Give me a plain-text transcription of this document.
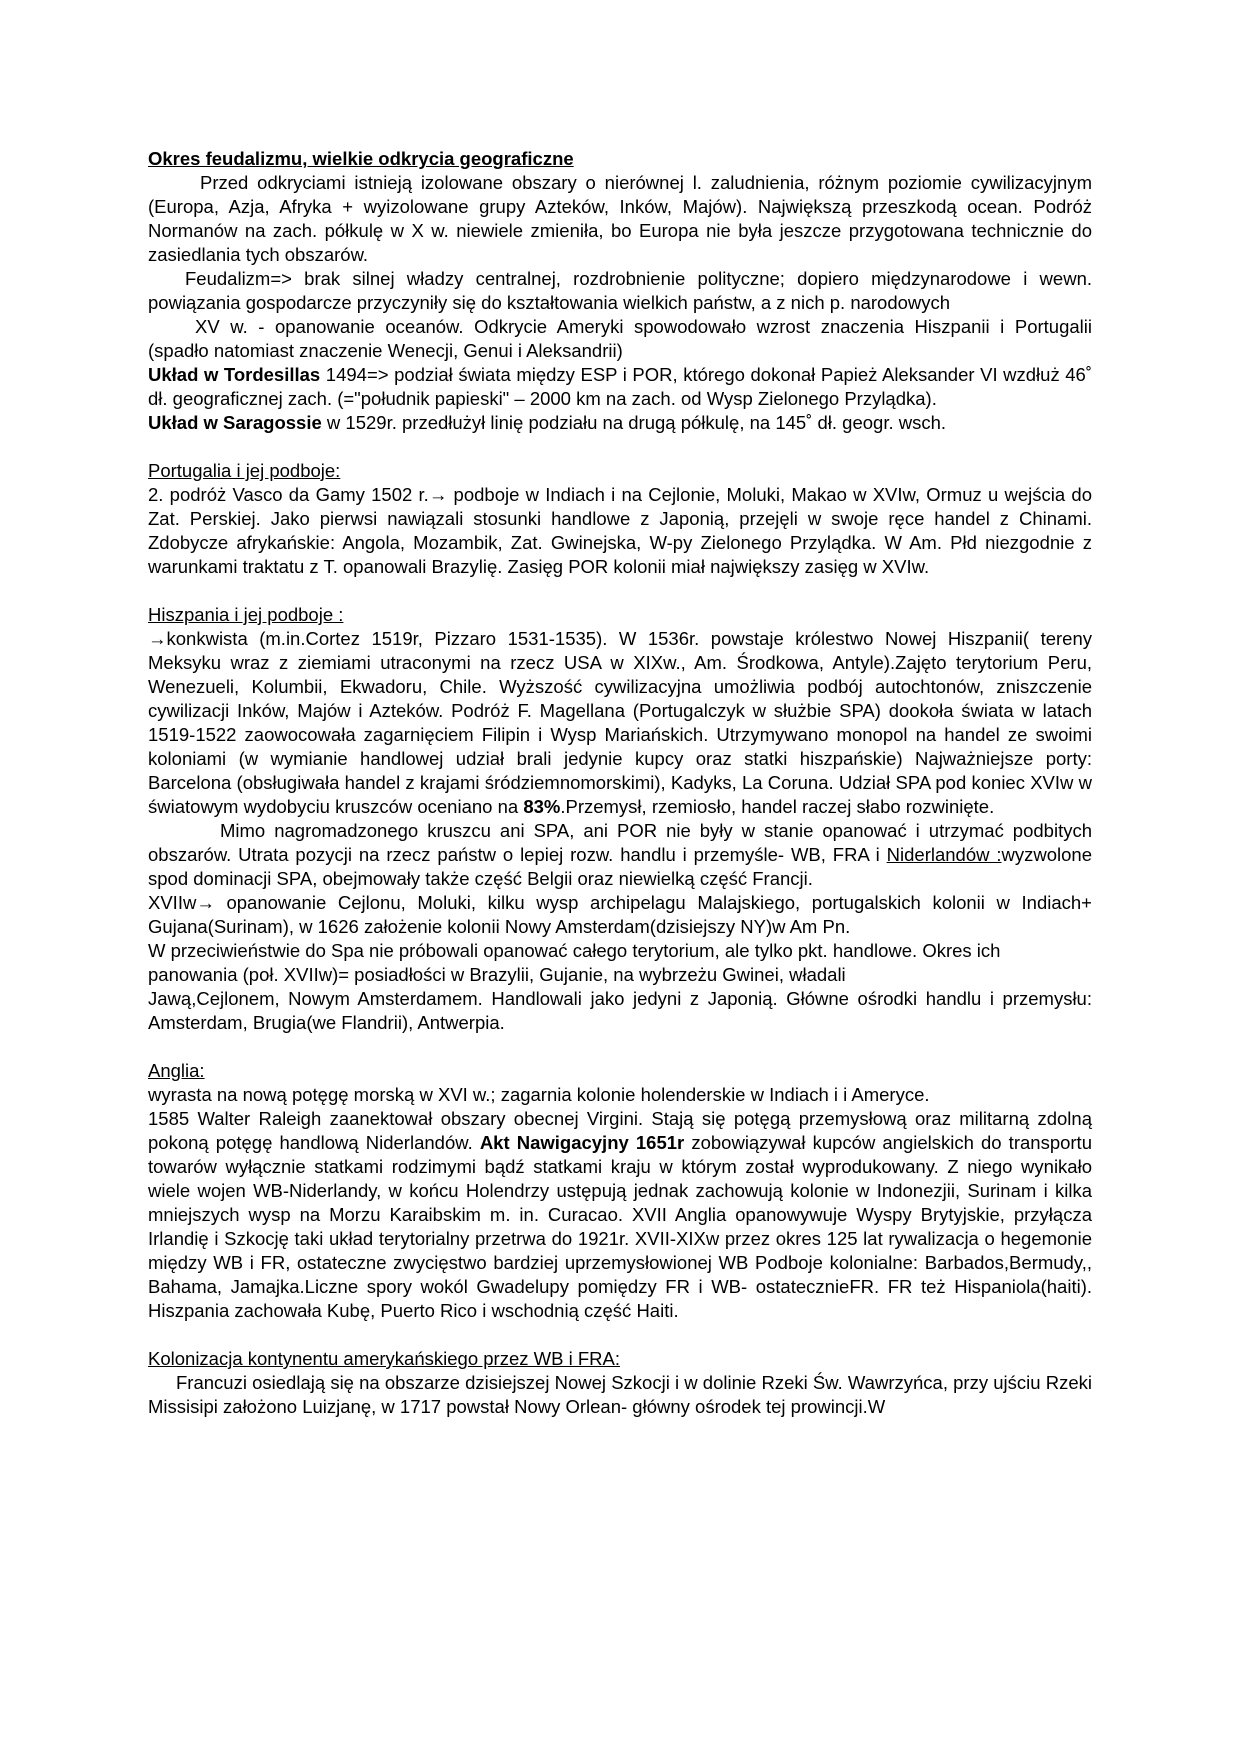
Okres feudalizmu, wielkie odkrycia geograficzne

Przed odkryciami istnieją izolowane obszary o nierównej l. zaludnienia, różnym poziomie cywilizacyjnym (Europa, Azja, Afryka + wyizolowane grupy Azteków, Inków, Majów). Największą przeszkodą ocean. Podróż Normanów na zach. półkulę w X w. niewiele zmieniła, bo Europa nie była jeszcze przygotowana technicznie do zasiedlania tych obszarów.

Feudalizm=> brak silnej władzy centralnej, rozdrobnienie polityczne; dopiero międzynarodowe i wewn. powiązania gospodarcze przyczyniły się do kształtowania wielkich państw, a z nich p. narodowych

XV w. - opanowanie oceanów. Odkrycie Ameryki spowodowało wzrost znaczenia Hiszpanii i Portugalii (spadło natomiast znaczenie Wenecji, Genui i Aleksandrii)

Układ w Tordesillas 1494=> podział świata między ESP i POR, którego dokonał Papież Aleksander VI wzdłuż 46˚ dł. geograficznej zach. (="południk papieski" – 2000 km na zach. od Wysp Zielonego Przylądka).

Układ w Saragossie w 1529r. przedłużył linię podziału na drugą półkulę, na 145˚ dł. geogr. wsch.

Portugalia i jej podboje:

2. podróż Vasco da Gamy 1502 r.→ podboje w Indiach i na Cejlonie, Moluki, Makao w XVIw, Ormuz u wejścia do Zat. Perskiej. Jako pierwsi nawiązali stosunki handlowe z Japonią, przejęli w swoje ręce handel z Chinami. Zdobycze afrykańskie: Angola, Mozambik, Zat. Gwinejska, W-py Zielonego Przylądka. W Am. Płd niezgodnie z warunkami traktatu z T. opanowali Brazylię. Zasięg POR kolonii miał największy zasięg w XVIw.

Hiszpania i jej podboje :

→konkwista (m.in.Cortez 1519r, Pizzaro 1531-1535). W 1536r. powstaje królestwo Nowej Hiszpanii( tereny Meksyku wraz z ziemiami utraconymi na rzecz USA w XIXw., Am. Środkowa, Antyle).Zajęto terytorium Peru, Wenezueli, Kolumbii, Ekwadoru, Chile. Wyższość cywilizacyjna umożliwia podbój autochtonów, zniszczenie cywilizacji Inków, Majów i Azteków. Podróż F. Magellana (Portugalczyk w służbie SPA) dookoła świata w latach 1519-1522 zaowocowała zagarnięciem Filipin i Wysp Mariańskich. Utrzymywano monopol na handel ze swoimi koloniami (w wymianie handlowej udział brali jedynie kupcy oraz statki hiszpańskie) Najważniejsze porty: Barcelona (obsługiwała handel z krajami śródziemnomorskimi), Kadyks, La Coruna. Udział SPA pod koniec XVIw w światowym wydobyciu kruszców oceniano na 83%.Przemysł, rzemiosło, handel raczej słabo rozwinięte.

Mimo nagromadzonego kruszcu ani SPA, ani POR nie były w stanie opanować i utrzymać podbitych obszarów. Utrata pozycji na rzecz państw o lepiej rozw. handlu i przemyśle- WB, FRA i Niderlandów :wyzwolone spod dominacji SPA, obejmowały także część Belgii oraz niewielką część Francji.

XVIIw→ opanowanie Cejlonu, Moluki, kilku wysp archipelagu Malajskiego, portugalskich kolonii w Indiach+ Gujana(Surinam), w 1626 założenie kolonii Nowy Amsterdam(dzisiejszy NY)w Am Pn.

W przeciwieństwie do Spa nie próbowali opanować całego terytorium, ale tylko pkt. handlowe. Okres ich panowania (poł. XVIIw)= posiadłości w Brazylii, Gujanie, na wybrzeżu Gwinei, władali

Jawą,Cejlonem, Nowym Amsterdamem. Handlowali jako jedyni z Japonią. Główne ośrodki handlu i przemysłu: Amsterdam, Brugia(we Flandrii), Antwerpia.

Anglia:

wyrasta na nową potęgę morską w XVI w.; zagarnia kolonie holenderskie w Indiach i i Ameryce.

1585 Walter Raleigh zaanektował obszary obecnej Virgini. Stają się potęgą przemysłową oraz militarną zdolną pokoną potęgę handlową Niderlandów. Akt Nawigacyjny 1651r zobowiązywał kupców angielskich do transportu towarów wyłącznie statkami rodzimymi bądź statkami kraju w którym został wyprodukowany. Z niego wynikało wiele wojen WB-Niderlandy, w końcu Holendrzy ustępują jednak zachowują kolonie w Indonezjii, Surinam i kilka mniejszych wysp na Morzu Karaibskim m. in. Curacao. XVII Anglia opanowywuje Wyspy Brytyjskie, przyłącza Irlandię i Szkocję taki układ terytorialny przetrwa do 1921r. XVII-XIXw przez okres 125 lat rywalizacja o hegemonie między WB i FR, ostateczne zwycięstwo bardziej uprzemysłowionej WB Podboje kolonialne: Barbados,Bermudy,, Bahama, Jamajka.Liczne spory wokól Gwadelupy pomiędzy FR i WB- ostatecznieFR. FR też Hispaniola(haiti). Hiszpania zachowała Kubę, Puerto Rico i wschodnią część Haiti.

Kolonizacja kontynentu amerykańskiego przez WB i FRA:

Francuzi osiedlają się na obszarze dzisiejszej Nowej Szkocji i w dolinie Rzeki Św. Wawrzyńca, przy ujściu Rzeki Missisipi założono Luizjanę, w 1717 powstał Nowy Orlean- główny ośrodek tej prowincji.W
